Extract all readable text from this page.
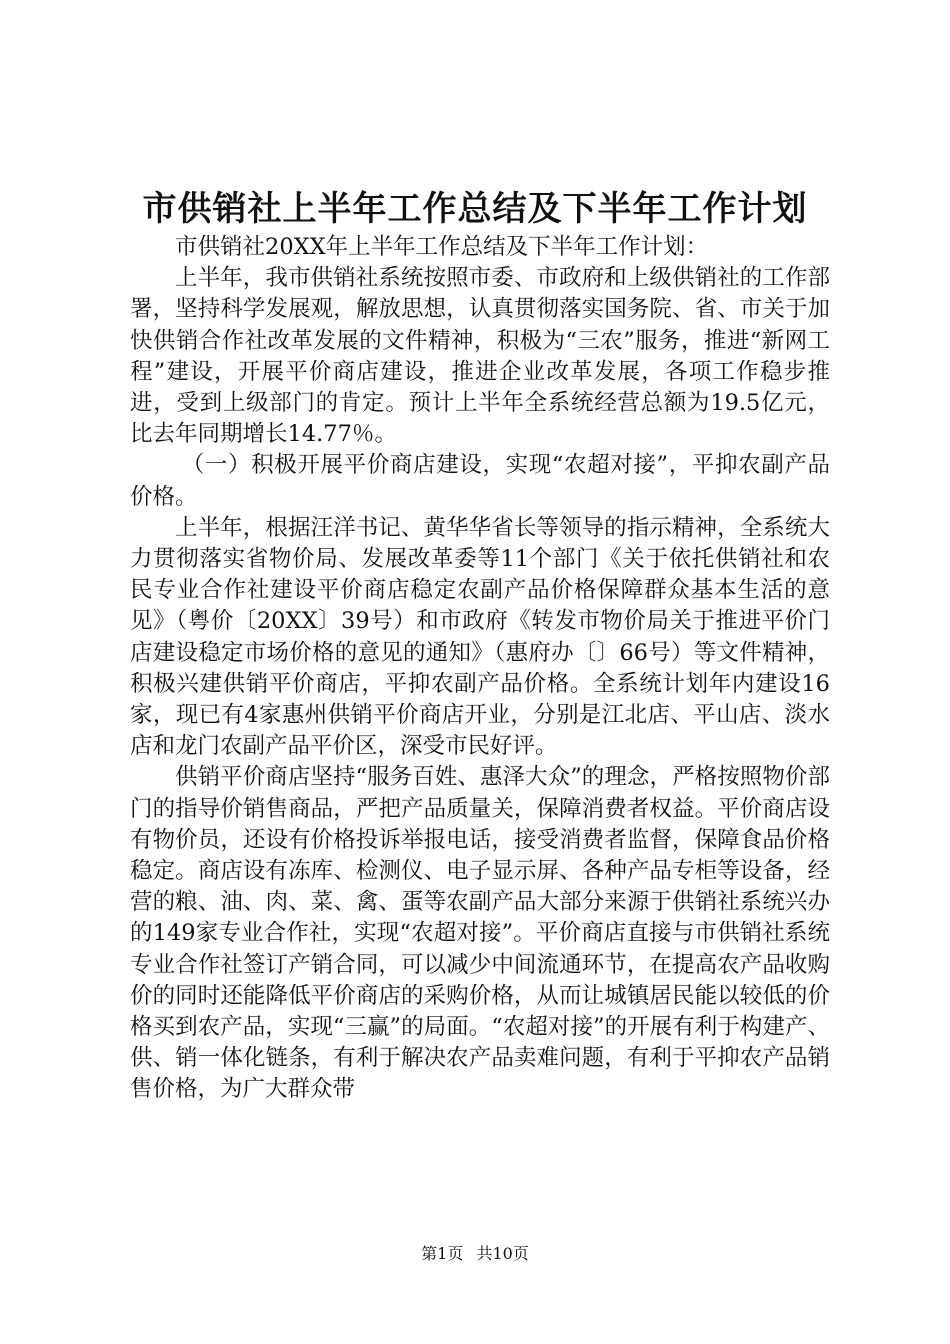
市供销社上半年工作总结及下半年工作计划

市供销社20XX年上半年工作总结及下半年工作计划：

上半年，我市供销社系统按照市委、市政府和上级供销社的工作部署，坚持科学发展观，解放思想，认真贯彻落实国务院、省、市关于加快供销合作社改革发展的文件精神，积极为“三农”服务，推进“新网工程”建设，开展平价商店建设，推进企业改革发展，各项工作稳步推进，受到上级部门的肯定。预计上半年全系统经营总额为19.5亿元，比去年同期增长14.77％。

（一）积极开展平价商店建设，实现“农超对接”，平抑农副产品价格。

上半年，根据汪洋书记、黄华华省长等领导的指示精神，全系统大力贯彻落实省物价局、发展改革委等11个部门《关于依托供销社和农民专业合作社建设平价商店稳定农副产品价格保障群众基本生活的意见》（粤价〔20XX〕39号）和市政府《转发市物价局关于推进平价门店建设稳定市场价格的意见的通知》（惠府办〔〕66号）等文件精神，积极兴建供销平价商店，平抑农副产品价格。全系统计划年内建设16家，现已有4家惠州供销平价商店开业，分别是江北店、平山店、淡水店和龙门农副产品平价区，深受市民好评。

供销平价商店坚持“服务百姓、惠泽大众”的理念，严格按照物价部门的指导价销售商品，严把产品质量关，保障消费者权益。平价商店设有物价员，还设有价格投诉举报电话，接受消费者监督，保障食品价格稳定。商店设有冻库、检测仪、电子显示屏、各种产品专柜等设备，经营的粮、油、肉、菜、禽、蛋等农副产品大部分来源于供销社系统兴办的149家专业合作社，实现“农超对接”。平价商店直接与市供销社系统专业合作社签订产销合同，可以减少中间流通环节，在提高农产品收购价的同时还能降低平价商店的采购价格，从而让城镇居民能以较低的价格买到农产品，实现“三赢”的局面。“农超对接”的开展有利于构建产、供、销一体化链条，有利于解决农产品卖难问题，有利于平抑农产品销售价格，为广大群众带

第1页 共10页
